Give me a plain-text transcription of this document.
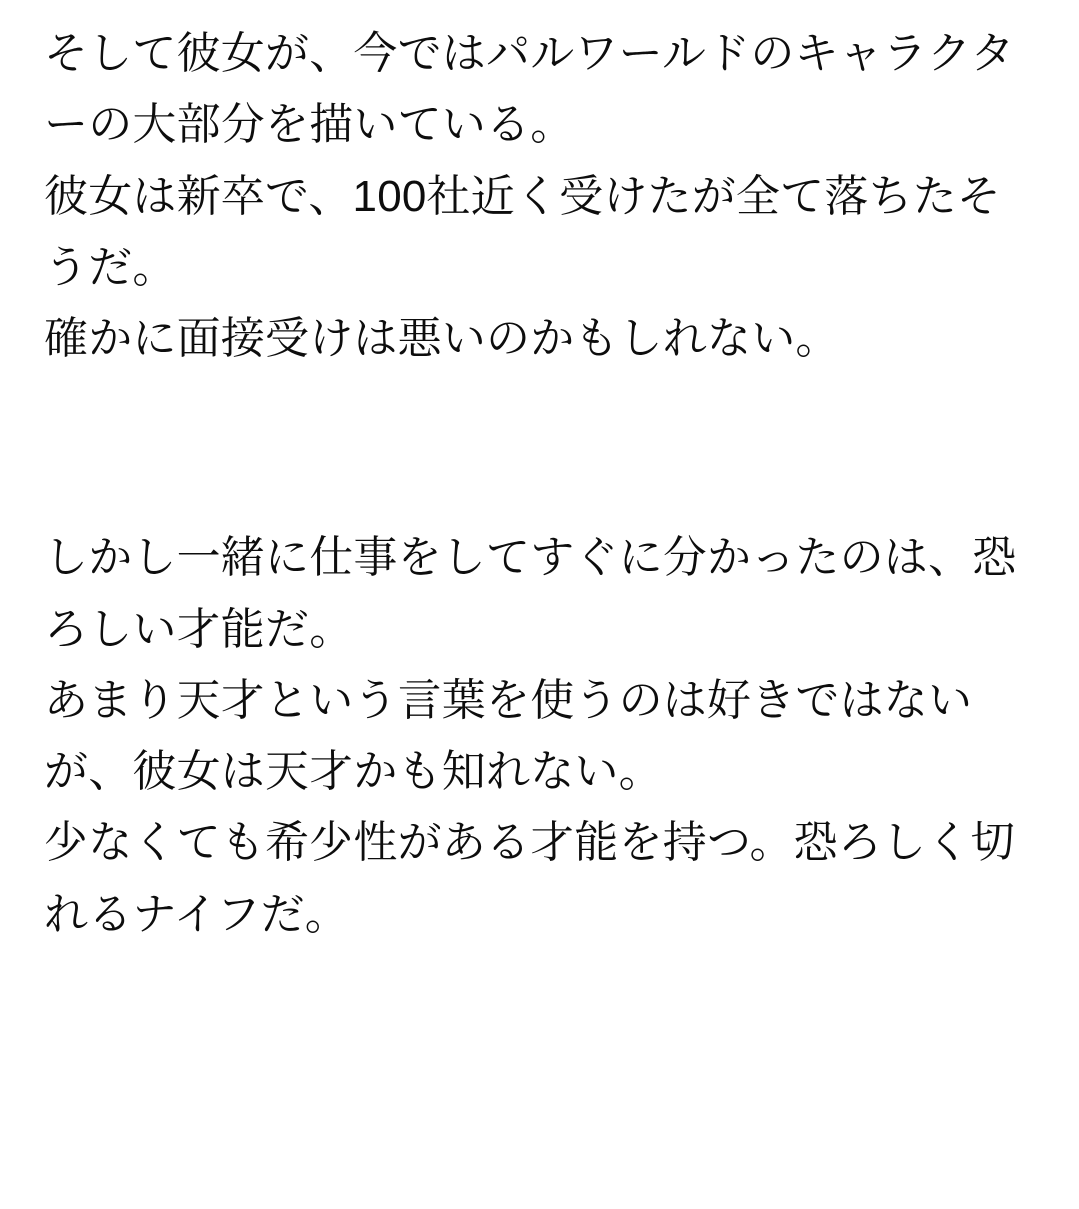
そして彼女が、今ではパルワールドのキャラクターの大部分を描いている。

彼女は新卒で、100社近く受けたが全て落ちたそうだ。

確かに面接受けは悪いのかもしれない。

しかし一緒に仕事をしてすぐに分かったのは、恐ろしい才能だ。

あまり天才という言葉を使うのは好きではないが、彼女は天才かも知れない。

少なくても希少性がある才能を持つ。恐ろしく切れるナイフだ。
